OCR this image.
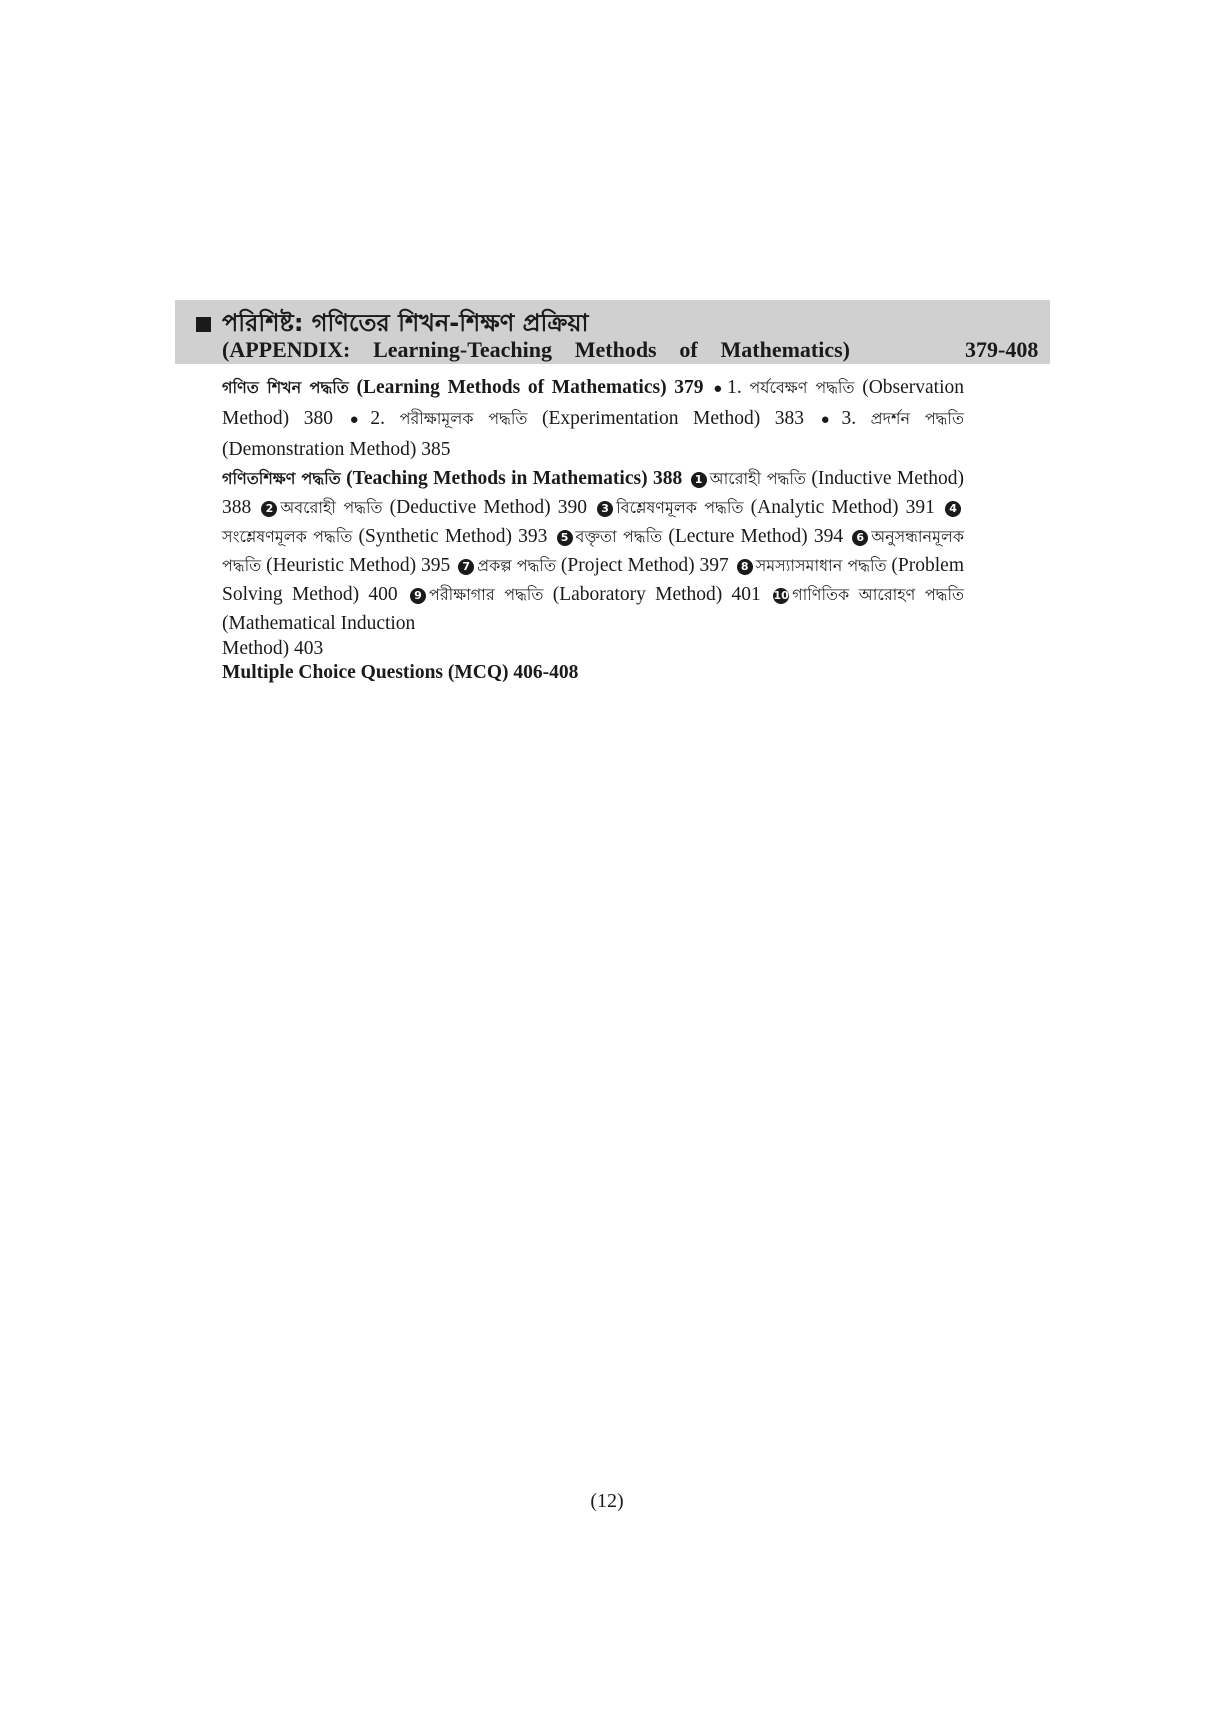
পরিশিষ্ট: গণিতের শিখন-শিক্ষণ প্রক্রিয়া
(APPENDIX: Learning-Teaching Methods of Mathematics)	379-408

গণিত শিখন পদ্ধতি (Learning Methods of Mathematics) 379 ● 1. পর্যবেক্ষণ পদ্ধতি (Observation Method) 380 ● 2. পরীক্ষামূলক পদ্ধতি (Experimentation Method) 383 ● 3. প্রদর্শন পদ্ধতি (Demonstration Method) 385

গণিতশিক্ষণ পদ্ধতি (Teaching Methods in Mathematics) 388 1 আরোহী পদ্ধতি (Inductive Method) 388 2 অবরোহী পদ্ধতি (Deductive Method) 390 3 বিশ্লেষণমূলক পদ্ধতি (Analytic Method) 391 4সংশ্লেষণমূলক পদ্ধতি (Synthetic Method) 393 5 বক্তৃতা পদ্ধতি (Lecture Method) 394 6 অনুসন্ধানমূলক পদ্ধতি (Heuristic Method) 395 7 প্রকল্প পদ্ধতি (Project Method) 397 8 সমস্যাসমাধান পদ্ধতি (Problem Solving Method) 400 9 পরীক্ষাগার পদ্ধতি (Laboratory Method) 401 10 গাণিতিক আরোহণ পদ্ধতি (Mathematical Induction

Method) 403

Multiple Choice Questions (MCQ) 406-408

(12)
